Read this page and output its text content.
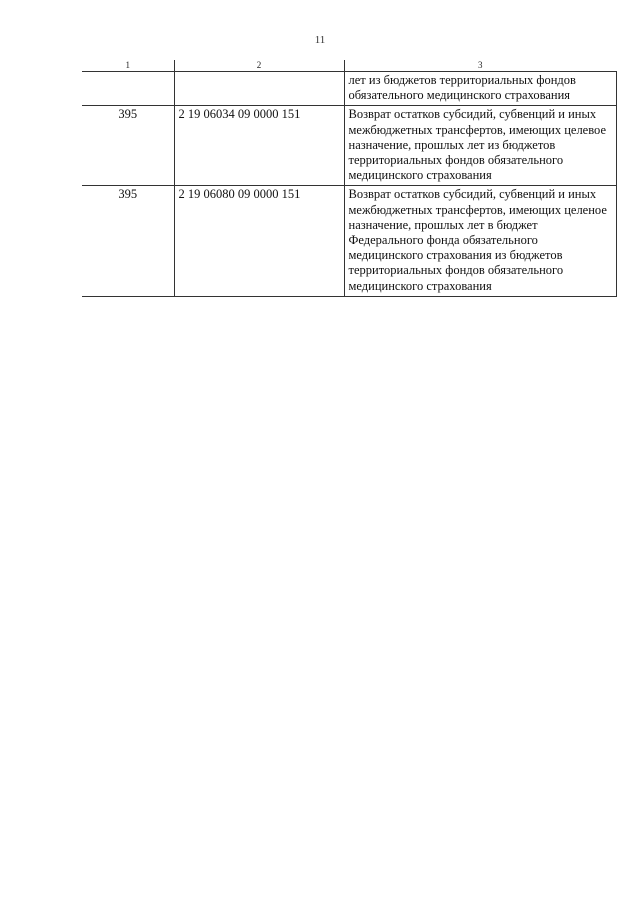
11
1	2	3
		лет из бюджетов территориальных фондов обязательного медицинского страхования
395	2 19 06034 09 0000 151	Возврат остатков субсидий, субвенций и иных межбюджетных трансфертов, имеющих целевое назначение, прошлых лет из бюджетов территориальных фондов обязательного медицинского страхования
395	2 19 06080 09 0000 151	Возврат остатков субсидий, субвенций и иных межбюджетных трансфертов, имеющих целеное назначение, прошлых лет в бюджет Федерального фонда обязательного медицинского страхования из бюджетов территориальных фондов обязательного медицинского страхования
